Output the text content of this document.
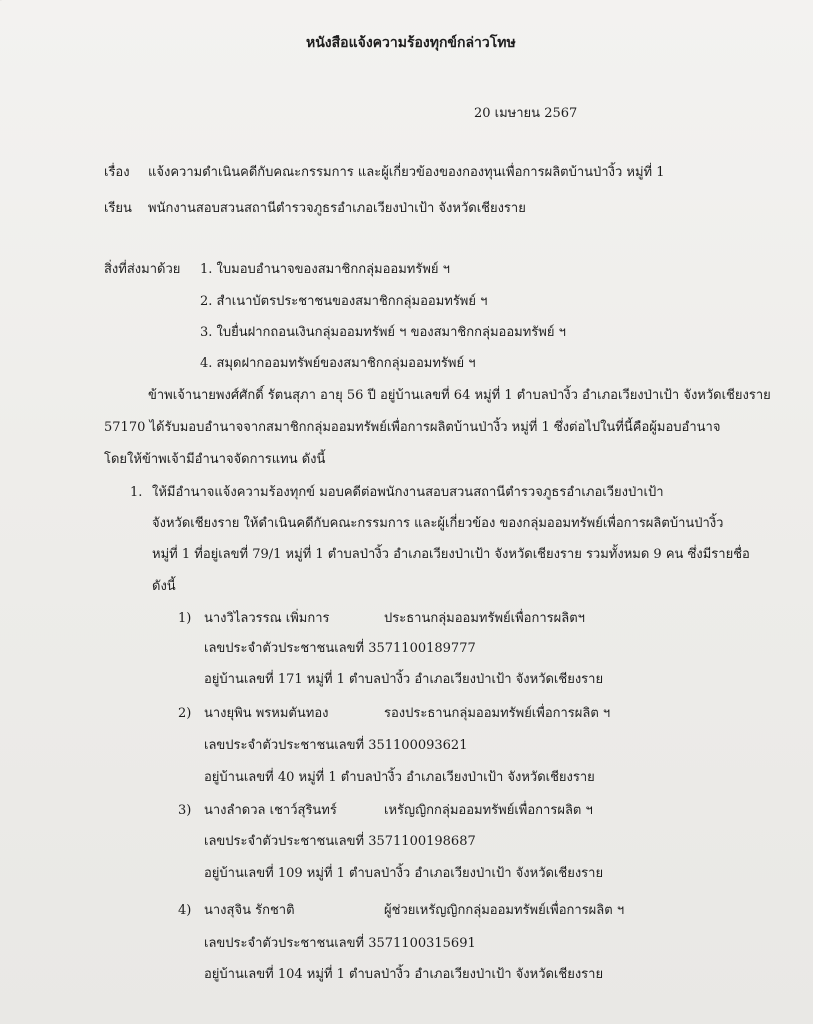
หนังสือแจ้งความร้องทุกข์กล่าวโทษ
20 เมษายน 2567
เรื่อง แจ้งความดำเนินคดีกับคณะกรรมการ และผู้เกี่ยวข้องของกองทุนเพื่อการผลิตบ้านป่างิ้ว หมู่ที่ 1
เรียน พนักงานสอบสวนสถานีตำรวจภูธรอำเภอเวียงป่าเป้า จังหวัดเชียงราย
สิ่งที่ส่งมาด้วย 1. ใบมอบอำนาจของสมาชิกกลุ่มออมทรัพย์ ฯ
2. สำเนาบัตรประชาชนของสมาชิกกลุ่มออมทรัพย์ ฯ
3. ใบยื่นฝากถอนเงินกลุ่มออมทรัพย์ ฯ ของสมาชิกกลุ่มออมทรัพย์ ฯ
4. สมุดฝากออมทรัพย์ของสมาชิกกลุ่มออมทรัพย์ ฯ
ข้าพเจ้านายพงศ์ศักดิ์ รัตนสุภา อายุ 56 ปี อยู่บ้านเลขที่ 64 หมู่ที่ 1 ตำบลป่างิ้ว อำเภอเวียงป่าเป้า จังหวัดเชียงราย
57170 ได้รับมอบอำนาจจากสมาชิกกลุ่มออมทรัพย์เพื่อการผลิตบ้านป่างิ้ว หมู่ที่ 1 ซึ่งต่อไปในที่นี้คือผู้มอบอำนาจ
โดยให้ข้าพเจ้ามีอำนาจจัดการแทน ดังนี้
1. ให้มีอำนาจแจ้งความร้องทุกข์ มอบคดีต่อพนักงานสอบสวนสถานีตำรวจภูธรอำเภอเวียงป่าเป้า
จังหวัดเชียงราย ให้ดำเนินคดีกับคณะกรรมการ และผู้เกี่ยวข้อง ของกลุ่มออมทรัพย์เพื่อการผลิตบ้านป่างิ้ว
หมู่ที่ 1 ที่อยู่เลขที่ 79/1 หมู่ที่ 1 ตำบลป่างิ้ว อำเภอเวียงป่าเป้า จังหวัดเชียงราย รวมทั้งหมด 9 คน ซึ่งมีรายชื่อ
ดังนี้
1) นางวิไลวรรณ เพิ่มการ	ประธานกลุ่มออมทรัพย์เพื่อการผลิตฯ
เลขประจำตัวประชาชนเลขที่ 3571100189777
อยู่บ้านเลขที่ 171 หมู่ที่ 1 ตำบลป่างิ้ว อำเภอเวียงป่าเป้า จังหวัดเชียงราย
2) นางยุพิน พรหมตันทอง	รองประธานกลุ่มออมทรัพย์เพื่อการผลิต ฯ
เลขประจำตัวประชาชนเลขที่ 351100093621
อยู่บ้านเลขที่ 40 หมู่ที่ 1 ตำบลป่างิ้ว อำเภอเวียงป่าเป้า จังหวัดเชียงราย
3) นางลำดวล เชาว์สุรินทร์	เหรัญญิกกลุ่มออมทรัพย์เพื่อการผลิต ฯ
เลขประจำตัวประชาชนเลขที่ 3571100198687
อยู่บ้านเลขที่ 109 หมู่ที่ 1 ตำบลป่างิ้ว อำเภอเวียงป่าเป้า จังหวัดเชียงราย
4) นางสุจิน รักชาติ	ผู้ช่วยเหรัญญิกกลุ่มออมทรัพย์เพื่อการผลิต ฯ
เลขประจำตัวประชาชนเลขที่ 3571100315691
อยู่บ้านเลขที่ 104 หมู่ที่ 1 ตำบลป่างิ้ว อำเภอเวียงป่าเป้า จังหวัดเชียงราย
